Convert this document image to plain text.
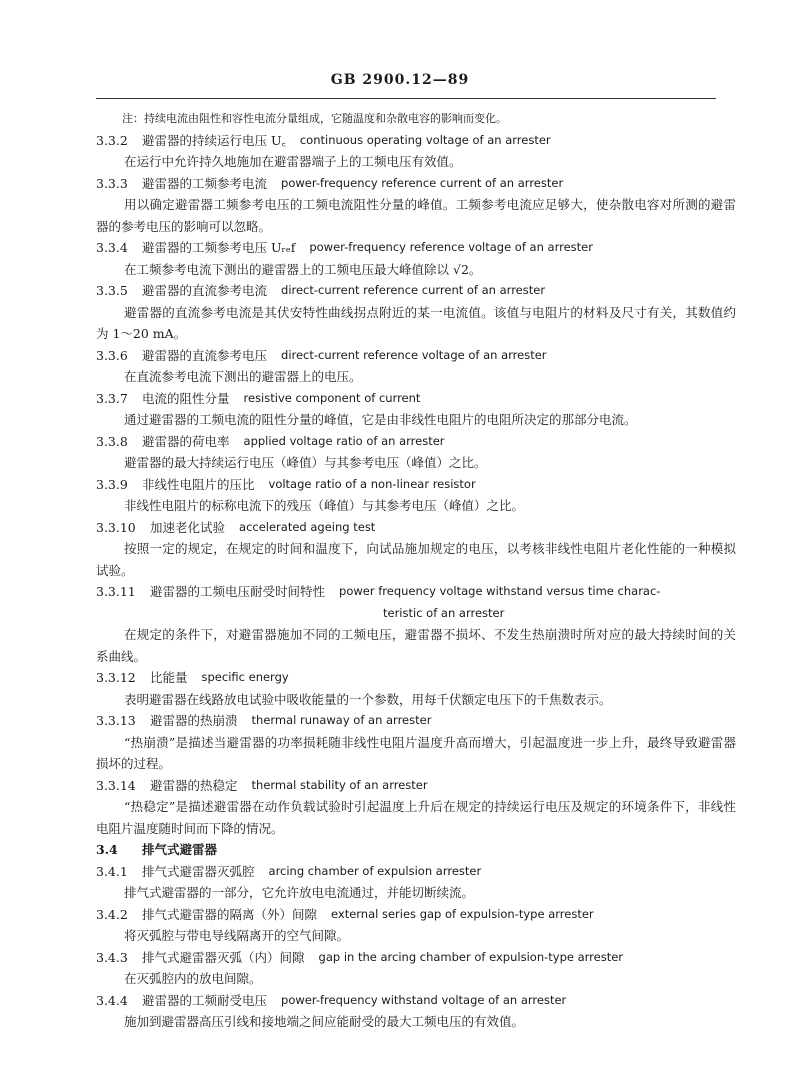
GB 2900.12—89
注：持续电流由阻性和容性电流分量组成，它随温度和杂散电容的影响而变化。
3.3.2	避雷器的持续运行电压 U꜀ continuous operating voltage of an arrester
在运行中允许持久地施加在避雷器端子上的工频电压有效值。
3.3.3	避雷器的工频参考电流 power-frequency reference current of an arrester
用以确定避雷器工频参考电压的工频电流阻性分量的峰值。工频参考电流应足够大，使杂散电容对所测的避雷器的参考电压的影响可以忽略。
3.3.4	避雷器的工频参考电压 Uᵣₑf power-frequency reference voltage of an arrester
在工频参考电流下测出的避雷器上的工频电压最大峰值除以 √2。
3.3.5	避雷器的直流参考电流 direct-current reference current of an arrester
避雷器的直流参考电流是其伏安特性曲线拐点附近的某一电流值。该值与电阻片的材料及尺寸有关，其数值约为 1～20 mA。
3.3.6	避雷器的直流参考电压 direct-current reference voltage of an arrester
在直流参考电流下测出的避雷器上的电压。
3.3.7	电流的阻性分量 resistive component of current
通过避雷器的工频电流的阻性分量的峰值，它是由非线性电阻片的电阻所决定的那部分电流。
3.3.8	避雷器的荷电率 applied voltage ratio of an arrester
避雷器的最大持续运行电压（峰值）与其参考电压（峰值）之比。
3.3.9	非线性电阻片的压比 voltage ratio of a non-linear resistor
非线性电阻片的标称电流下的残压（峰值）与其参考电压（峰值）之比。
3.3.10	加速老化试验 accelerated ageing test
按照一定的规定，在规定的时间和温度下，向试品施加规定的电压，以考核非线性电阻片老化性能的一种模拟试验。
3.3.11	避雷器的工频电压耐受时间特性 power frequency voltage withstand versus time charac-
teristic of an arrester
在规定的条件下，对避雷器施加不同的工频电压，避雷器不损坏、不发生热崩溃时所对应的最大持续时间的关系曲线。
3.3.12	比能量 specific energy
表明避雷器在线路放电试验中吸收能量的一个参数，用每千伏额定电压下的千焦数表示。
3.3.13	避雷器的热崩溃 thermal runaway of an arrester
“热崩溃”是描述当避雷器的功率损耗随非线性电阻片温度升高而增大，引起温度进一步上升，最终导致避雷器损坏的过程。
3.3.14	避雷器的热稳定 thermal stability of an arrester
“热稳定”是描述避雷器在动作负载试验时引起温度上升后在规定的持续运行电压及规定的环境条件下，非线性电阻片温度随时间而下降的情况。
3.4	排气式避雷器
3.4.1	排气式避雷器灭弧腔 arcing chamber of expulsion arrester
排气式避雷器的一部分，它允许放电电流通过，并能切断续流。
3.4.2	排气式避雷器的隔离（外）间隙 external series gap of expulsion-type arrester
将灭弧腔与带电导线隔离开的空气间隙。
3.4.3	排气式避雷器灭弧（内）间隙 gap in the arcing chamber of expulsion-type arrester
在灭弧腔内的放电间隙。
3.4.4	避雷器的工频耐受电压 power-frequency withstand voltage of an arrester
施加到避雷器高压引线和接地端之间应能耐受的最大工频电压的有效值。
